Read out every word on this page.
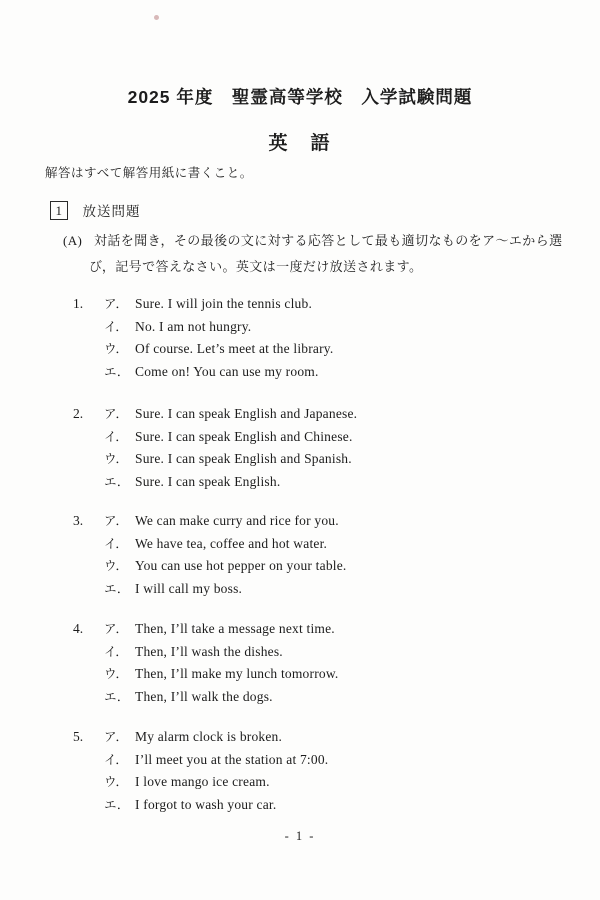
2025 年度　聖霊高等学校　入学試験問題
英　語
解答はすべて解答用紙に書くこと。
1	放送問題
(A) 対話を聞き，その最後の文に対する応答として最も適切なものをア～エから選
び，記号で答えなさい。英文は一度だけ放送されます。
1.	ア． Sure. I will join the tennis club.
イ． No. I am not hungry.
ウ． Of course. Let’s meet at the library.
エ． Come on! You can use my room.
2.	ア． Sure. I can speak English and Japanese.
イ． Sure. I can speak English and Chinese.
ウ． Sure. I can speak English and Spanish.
エ． Sure. I can speak English.
3.	ア． We can make curry and rice for you.
イ． We have tea, coffee and hot water.
ウ． You can use hot pepper on your table.
エ． I will call my boss.
4.	ア． Then, I’ll take a message next time.
イ． Then, I’ll wash the dishes.
ウ． Then, I’ll make my lunch tomorrow.
エ． Then, I’ll walk the dogs.
5.	ア． My alarm clock is broken.
イ． I’ll meet you at the station at 7:00.
ウ． I love mango ice cream.
エ． I forgot to wash your car.
- 1 -
